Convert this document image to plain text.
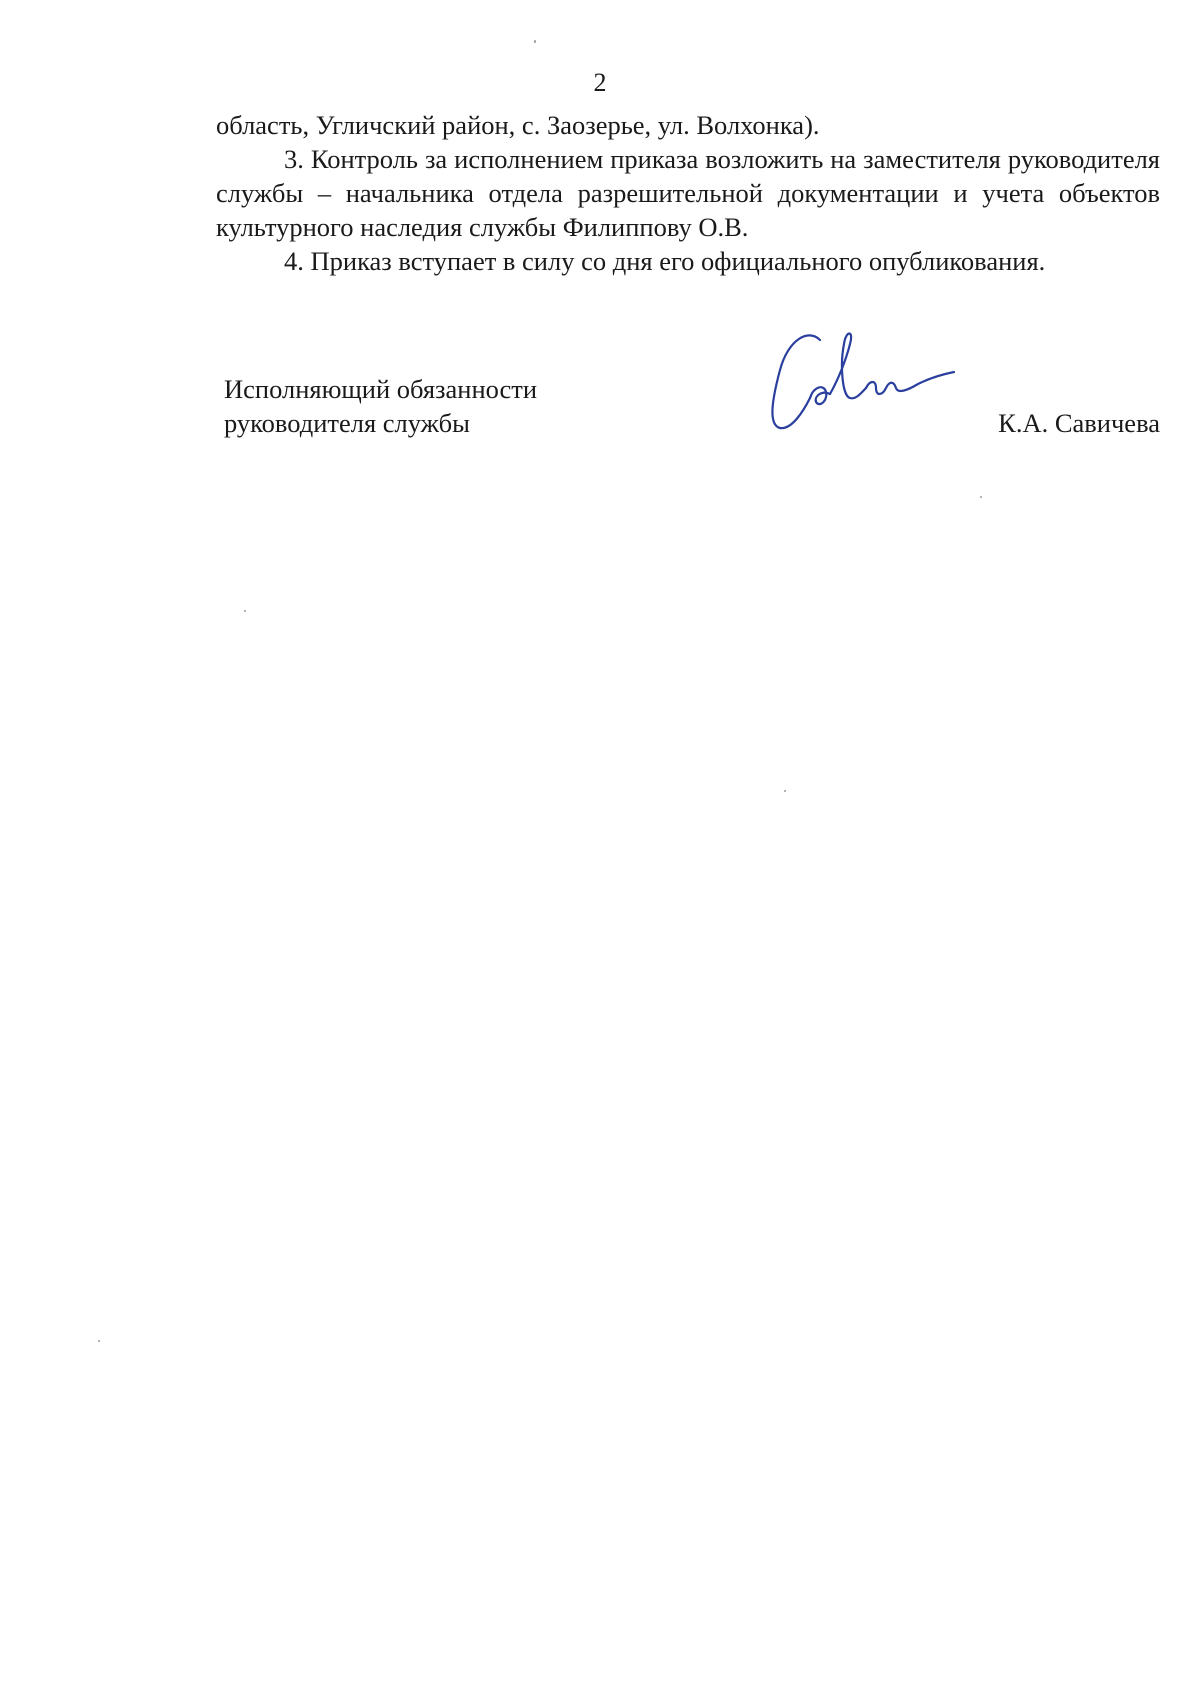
2

область, Угличский район, с. Заозерье, ул. Волхонка).

3. Контроль за исполнением приказа возложить на заместителя руководителя службы – начальника отдела разрешительной документации и учета объектов культурного наследия службы Филиппову О.В.

4. Приказ вступает в силу со дня его официального опубликования.

Исполняющий обязанности
руководителя службы	К.А. Савичева
